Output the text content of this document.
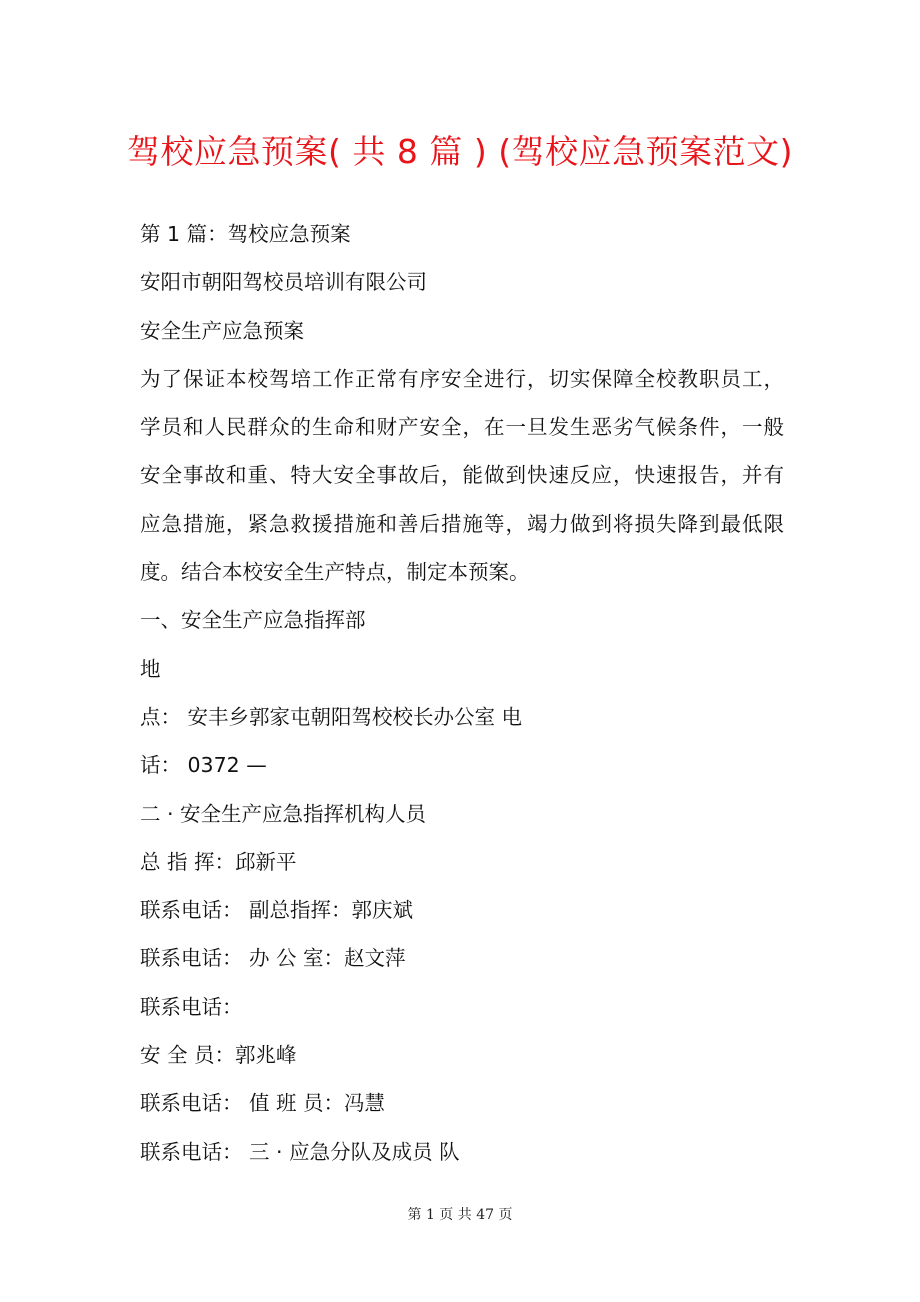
驾校应急预案( 共 8 篇 ) (驾校应急预案范文)
第 1 篇：驾校应急预案
安阳市朝阳驾校员培训有限公司
安全生产应急预案
为了保证本校驾培工作正常有序安全进行，切实保障全校教职员工，
学员和人民群众的生命和财产安全，在一旦发生恶劣气候条件，一般
安全事故和重、特大安全事故后，能做到快速反应，快速报告，并有
应急措施，紧急救援措施和善后措施等，竭力做到将损失降到最低限
度。结合本校安全生产特点，制定本预案。
一、安全生产应急指挥部
地
点： 安丰乡郭家屯朝阳驾校校长办公室 电
话： 0372 —
二 · 安全生产应急指挥机构人员
总 指 挥：邱新平
联系电话： 副总指挥：郭庆斌
联系电话： 办 公 室：赵文萍
联系电话：
安 全 员：郭兆峰
联系电话： 值 班 员：冯慧
联系电话： 三 · 应急分队及成员 队
第 1 页 共 47 页
